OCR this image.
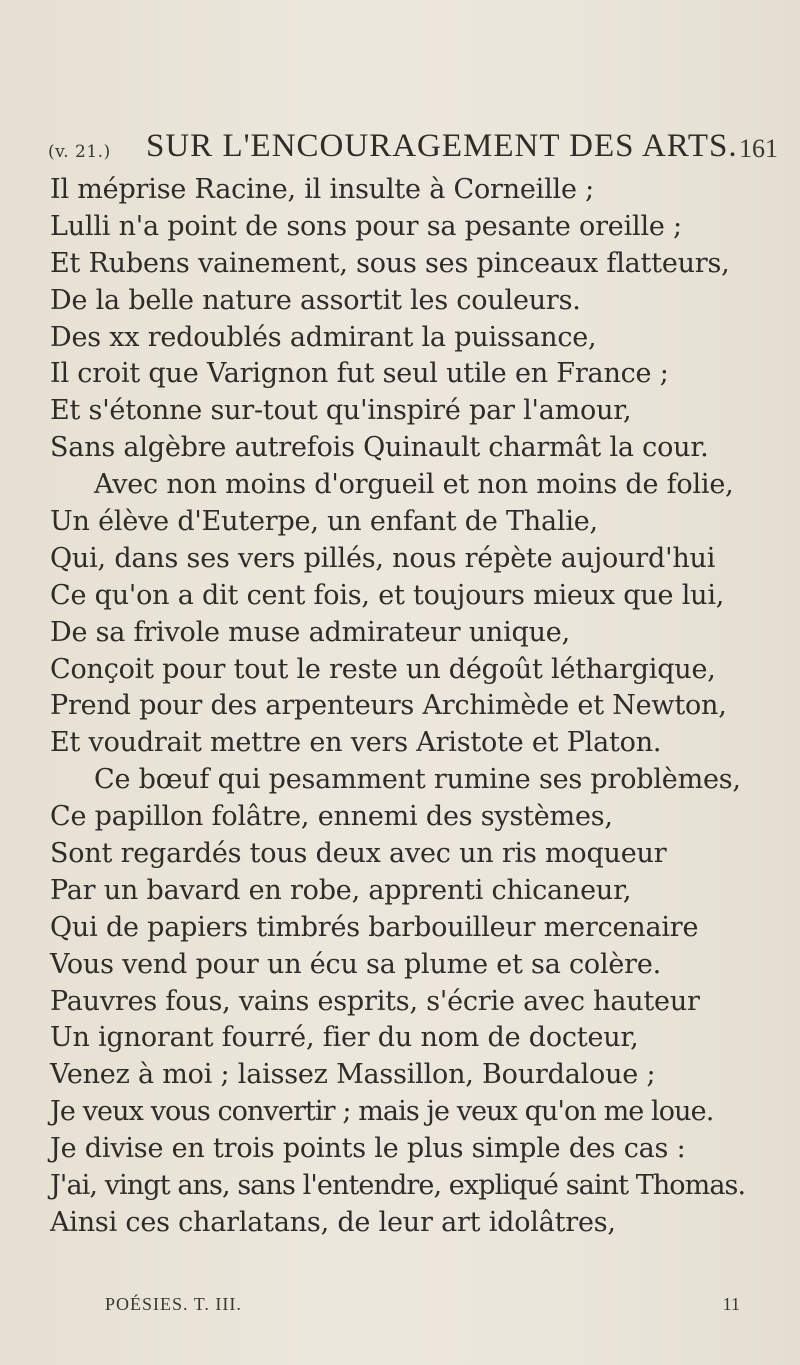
(v. 21.) SUR L'ENCOURAGEMENT DES ARTS. 161
Il méprise Racine, il insulte à Corneille ;
Lulli n'a point de sons pour sa pesante oreille ;
Et Rubens vainement, sous ses pinceaux flatteurs,
De la belle nature assortit les couleurs.
Des xx redoublés admirant la puissance,
Il croit que Varignon fut seul utile en France ;
Et s'étonne sur-tout qu'inspiré par l'amour,
Sans algèbre autrefois Quinault charmât la cour.
Avec non moins d'orgueil et non moins de folie,
Un élève d'Euterpe, un enfant de Thalie,
Qui, dans ses vers pillés, nous répète aujourd'hui
Ce qu'on a dit cent fois, et toujours mieux que lui,
De sa frivole muse admirateur unique,
Conçoit pour tout le reste un dégoût léthargique,
Prend pour des arpenteurs Archimède et Newton,
Et voudrait mettre en vers Aristote et Platon.
Ce bœuf qui pesamment rumine ses problèmes,
Ce papillon folâtre, ennemi des systèmes,
Sont regardés tous deux avec un ris moqueur
Par un bavard en robe, apprenti chicaneur,
Qui de papiers timbrés barbouilleur mercenaire
Vous vend pour un écu sa plume et sa colère.
Pauvres fous, vains esprits, s'écrie avec hauteur
Un ignorant fourré, fier du nom de docteur,
Venez à moi ; laissez Massillon, Bourdaloue ;
Je veux vous convertir ; mais je veux qu'on me loue.
Je divise en trois points le plus simple des cas :
J'ai, vingt ans, sans l'entendre, expliqué saint Thomas.
Ainsi ces charlatans, de leur art idolâtres,
POÉSIES. T. III.	11
